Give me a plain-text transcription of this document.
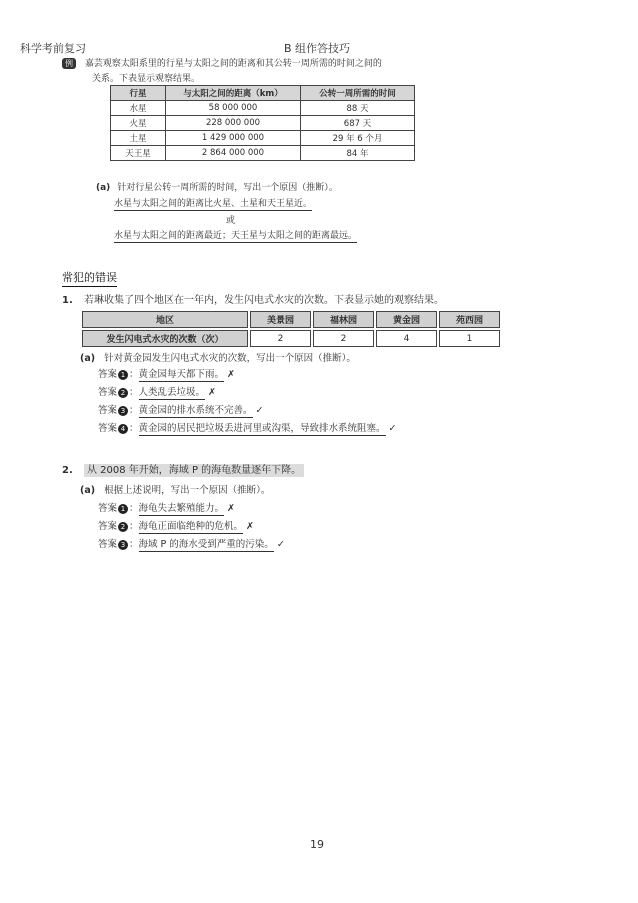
科学考前复习	B 组作答技巧
例 嘉芸观察太阳系里的行星与太阳之间的距离和其公转一周所需的时间之间的
关系。下表显示观察结果。
行星	与太阳之间的距离（km）	公转一周所需的时间
水星	58 000 000	88 天
火星	228 000 000	687 天
土星	1 429 000 000	29 年 6 个月
天王星	2 864 000 000	84 年
(a) 针对行星公转一周所需的时间，写出一个原因（推断）。
水星与太阳之间的距离比火星、土星和天王星近。
或
水星与太阳之间的距离最近；天王星与太阳之间的距离最远。
常犯的错误
1. 若琳收集了四个地区在一年内，发生闪电式水灾的次数。下表显示她的观察结果。
地区	美景园	福林园	黄金园	苑西园
发生闪电式水灾的次数（次）	2	2	4	1
(a) 针对黄金园发生闪电式水灾的次数，写出一个原因（推断）。
答案 1 ：黄金园每天都下雨。 ✗
答案 2 ：人类乱丢垃圾。 ✗
答案 3 ：黄金园的排水系统不完善。 ✓
答案 4 ：黄金园的居民把垃圾丢进河里或沟渠，导致排水系统阻塞。 ✓
2. 从 2008 年开始，海域 P 的海龟数量逐年下降。
(a) 根据上述说明，写出一个原因（推断）。
答案 1 ：海龟失去繁殖能力。 ✗
答案 2 ：海龟正面临绝种的危机。 ✗
答案 3 ：海域 P 的海水受到严重的污染。 ✓
19
